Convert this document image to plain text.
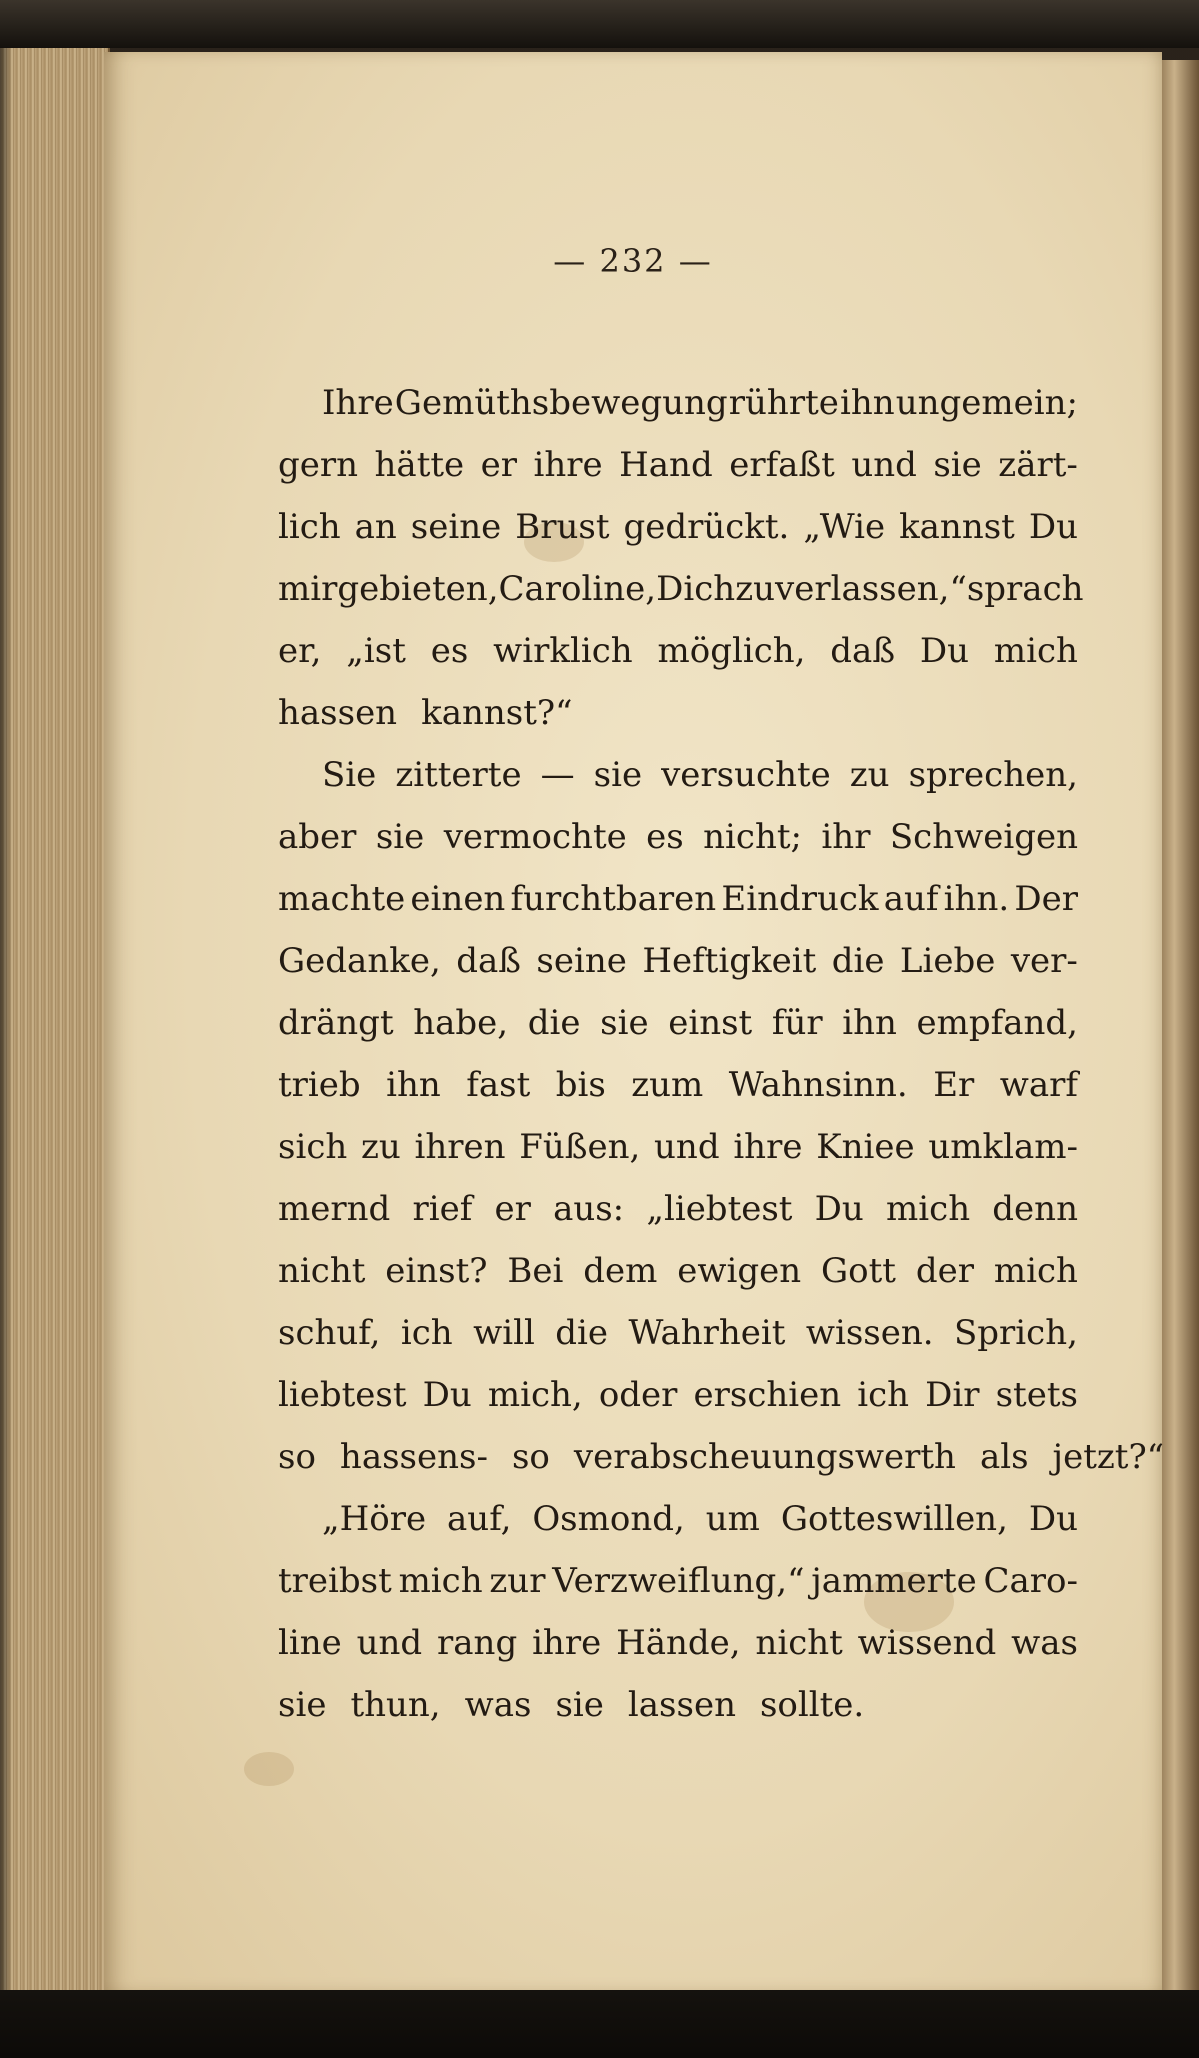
— 232 —
Ihre Gemüthsbewegung rührte ihn ungemein;
gern hätte er ihre Hand erfaßt und sie zärt-
lich an seine Brust gedrückt. „Wie kannst Du
mir gebieten, Caroline, Dich zu verlassen,“ sprach
er, „ist es wirklich möglich, daß Du mich
hassen kannst?“
Sie zitterte — sie versuchte zu sprechen,
aber sie vermochte es nicht; ihr Schweigen
machte einen furchtbaren Eindruck auf ihn. Der
Gedanke, daß seine Heftigkeit die Liebe ver-
drängt habe, die sie einst für ihn empfand,
trieb ihn fast bis zum Wahnsinn. Er warf
sich zu ihren Füßen, und ihre Kniee umklam-
mernd rief er aus: „liebtest Du mich denn
nicht einst? Bei dem ewigen Gott der mich
schuf, ich will die Wahrheit wissen. Sprich,
liebtest Du mich, oder erschien ich Dir stets
so hassens- so verabscheuungswerth als jetzt?“
„Höre auf, Osmond, um Gotteswillen, Du
treibst mich zur Verzweiflung,“ jammerte Caro-
line und rang ihre Hände, nicht wissend was
sie thun, was sie lassen sollte.
